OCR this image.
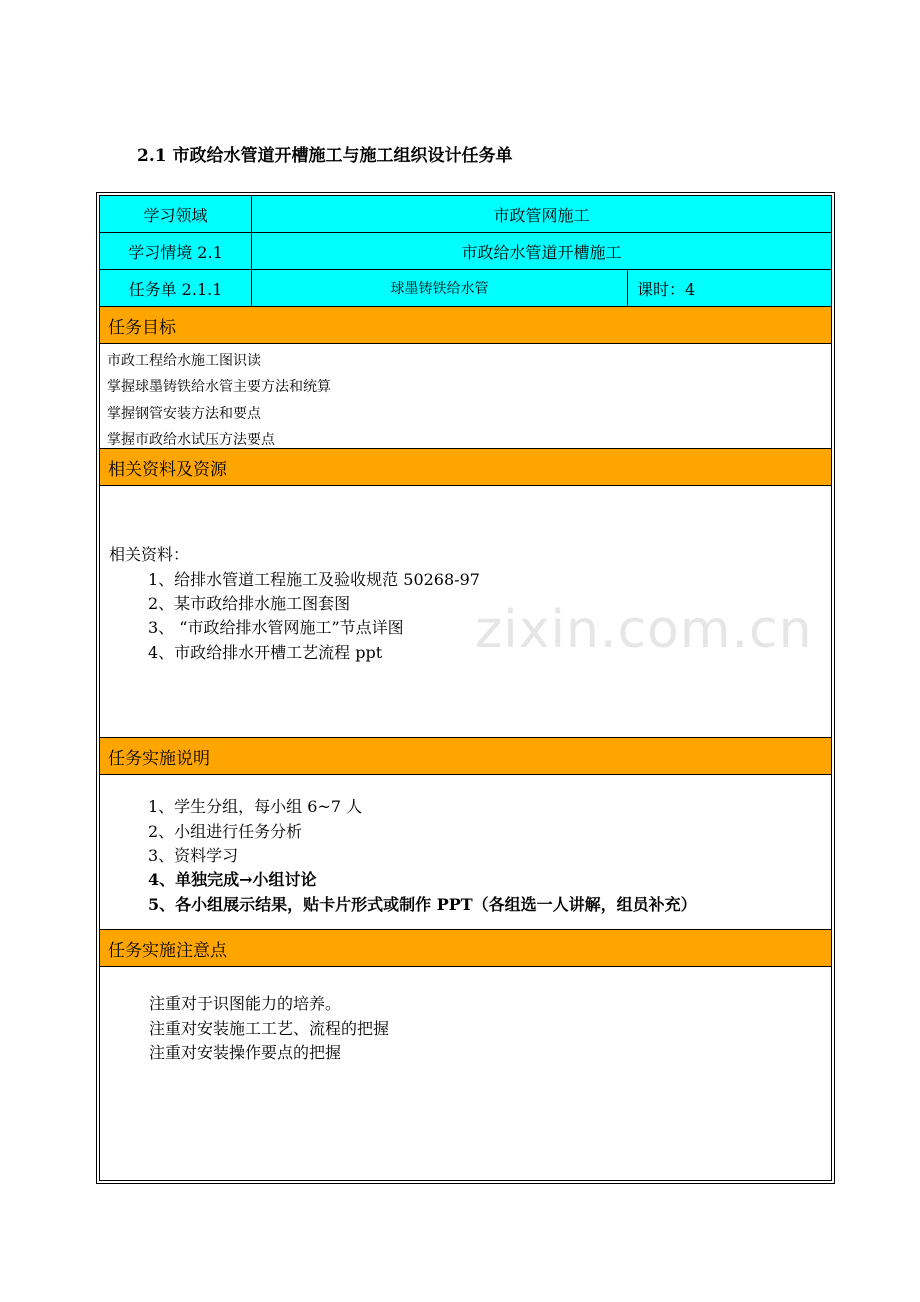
2.1 市政给水管道开槽施工与施工组织设计任务单
学习领域	市政管网施工
学习情境 2.1	市政给水管道开槽施工
任务单 2.1.1	球墨铸铁给水管	课时：4
任务目标
市政工程给水施工图识读
掌握球墨铸铁给水管主要方法和统算
掌握钢管安装方法和要点
掌握市政给水试压方法要点
相关资料及资源
相关资料：
1、给排水管道工程施工及验收规范 50268-97
2、某市政给排水施工图套图
3、 “市政给排水管网施工”节点详图
4、市政给排水开槽工艺流程 ppt
任务实施说明
1、学生分组，每小组 6~7 人
2、小组进行任务分析
3、资料学习
4、单独完成→小组讨论
5、各小组展示结果，贴卡片形式或制作 PPT（各组选一人讲解，组员补充）
任务实施注意点
注重对于识图能力的培养。
注重对安装施工工艺、流程的把握
注重对安装操作要点的把握
zixin.com.cn
